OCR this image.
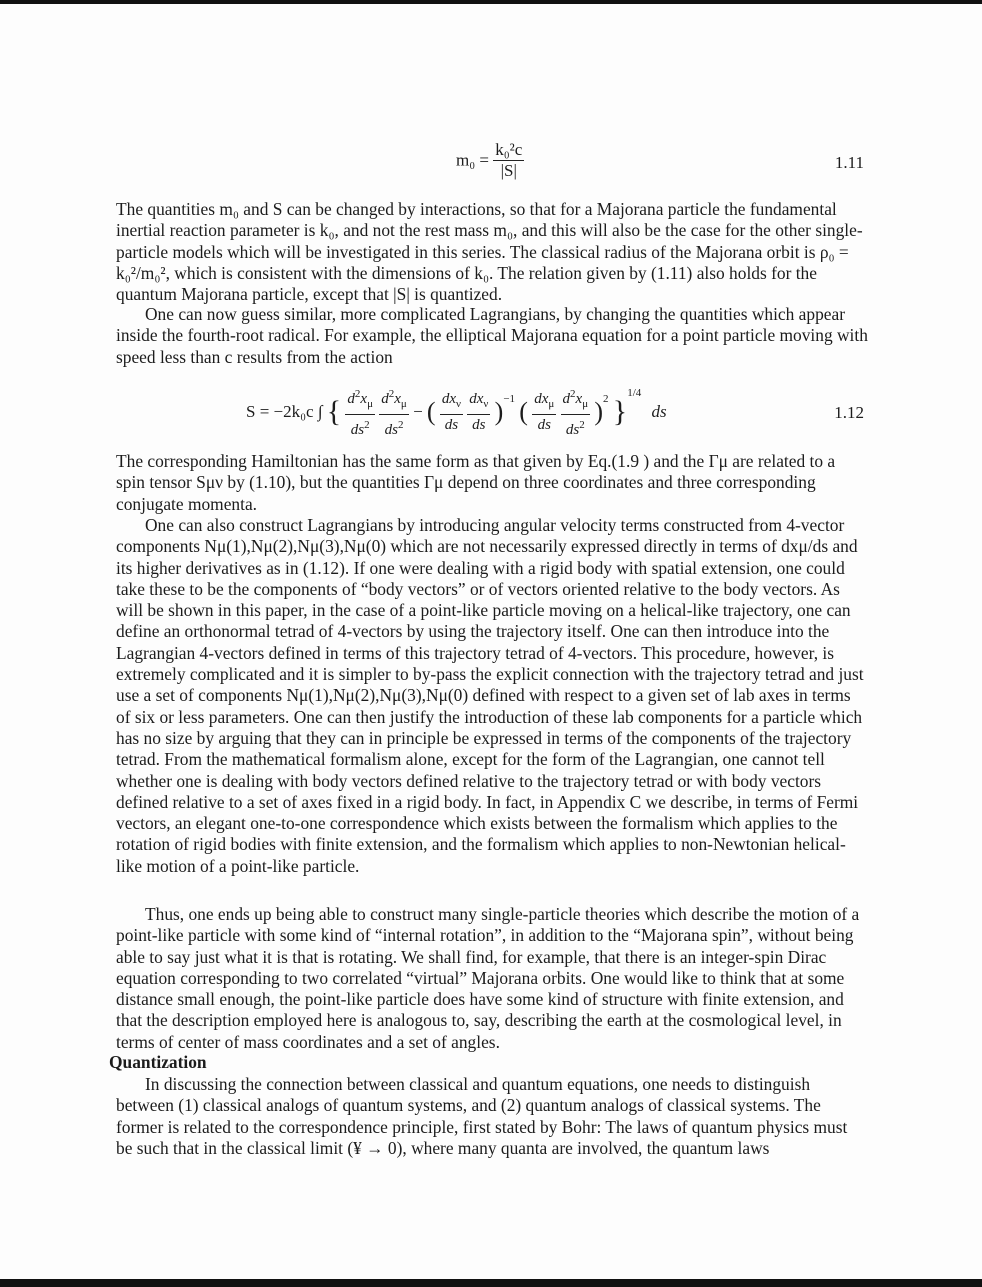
$m_0 = \frac{\text{k₀²c}}{|S|}$	1.11

The quantities m₀ and S can be changed by interactions, so that for a Majorana particle the fundamental inertial reaction parameter is k₀, and not the rest mass m₀, and this will also be the case for the other single-particle models which will be investigated in this series. The classical radius of the Majorana orbit is ρ₀ = k₀²/m₀², which is consistent with the dimensions of k₀. The relation given by (1.11) also holds for the quantum Majorana particle, except that |S| is quantized.

One can now guess similar, more complicated Lagrangians, by changing the quantities which appear inside the fourth-root radical. For example, the elliptical Majorana equation for a point particle moving with speed less than c results from the action

S = −2k₀c ∫ { $\frac{d^2x_\mu}{ds^2}$
$\frac{d^2x_\mu}{ds^2}$ − ( $\frac{dx_\nu}{ds}$
$\frac{dx_\nu}{ds} )^{-1}$ ( $\frac{dx_\mu}{ds}$
$\frac{d^2x_\mu}{ds^2} )^2$ }$^{1/4}$ ds	1.12

The corresponding Hamiltonian has the same form as that given by Eq.(1.9 ) and the Γμ are related to a spin tensor Sμν by (1.10), but the quantities Γμ depend on three coordinates and three corresponding conjugate momenta.

One can also construct Lagrangians by introducing angular velocity terms constructed from 4-vector components Nμ(1),Nμ(2),Nμ(3),Nμ(0) which are not necessarily expressed directly in terms of dxμ/ds and its higher derivatives as in (1.12). If one were dealing with a rigid body with spatial extension, one could take these to be the components of “body vectors” or of vectors oriented relative to the body vectors. As will be shown in this paper, in the case of a point-like particle moving on a helical-like trajectory, one can define an orthonormal tetrad of 4-vectors by using the trajectory itself. One can then introduce into the Lagrangian 4-vectors defined in terms of this trajectory tetrad of 4-vectors. This procedure, however, is extremely complicated and it is simpler to by-pass the explicit connection with the trajectory tetrad and just use a set of components Nμ(1),Nμ(2),Nμ(3),Nμ(0) defined with respect to a given set of lab axes in terms of six or less parameters. One can then justify the introduction of these lab components for a particle which has no size by arguing that they can in principle be expressed in terms of the components of the trajectory tetrad. From the mathematical formalism alone, except for the form of the Lagrangian, one cannot tell whether one is dealing with body vectors defined relative to the trajectory tetrad or with body vectors defined relative to a set of axes fixed in a rigid body. In fact, in Appendix C we describe, in terms of Fermi vectors, an elegant one-to-one correspondence which exists between the formalism which applies to the rotation of rigid bodies with finite extension, and the formalism which applies to non-Newtonian helical-like motion of a point-like particle.

Thus, one ends up being able to construct many single-particle theories which describe the motion of a point-like particle with some kind of “internal rotation”, in addition to the “Majorana spin”, without being able to say just what it is that is rotating. We shall find, for example, that there is an integer-spin Dirac equation corresponding to two correlated “virtual” Majorana orbits. One would like to think that at some distance small enough, the point-like particle does have some kind of structure with finite extension, and that the description employed here is analogous to, say, describing the earth at the cosmological level, in terms of center of mass coordinates and a set of angles.

Quantization

In discussing the connection between classical and quantum equations, one needs to distinguish between (1) classical analogs of quantum systems, and (2) quantum analogs of classical systems. The former is related to the correspondence principle, first stated by Bohr: The laws of quantum physics must be such that in the classical limit (¥ → 0), where many quanta are involved, the quantum laws
